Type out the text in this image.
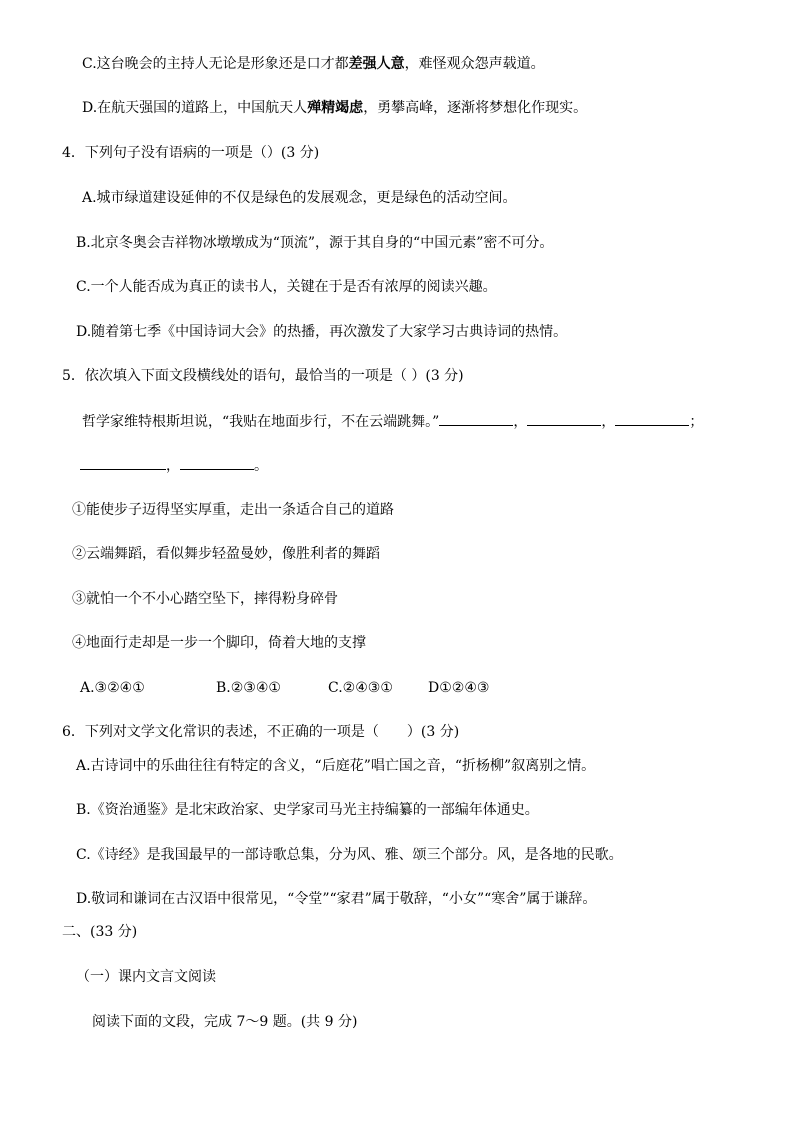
C.这台晚会的主持人无论是形象还是口才都差强人意，难怪观众怨声载道。
D.在航天强国的道路上，中国航天人殚精竭虑，勇攀高峰，逐渐将梦想化作现实。
4．下列句子没有语病的一项是（）(3 分)
A.城市绿道建设延伸的不仅是绿色的发展观念，更是绿色的活动空间。
B.北京冬奥会吉祥物冰墩墩成为“顶流”，源于其自身的“中国元素”密不可分。
C.一个人能否成为真正的读书人，关键在于是否有浓厚的阅读兴趣。
D.随着第七季《中国诗词大会》的热播，再次激发了大家学习古典诗词的热情。
5．依次填入下面文段横线处的语句，最恰当的一项是（ ）(3 分)
哲学家维特根斯坦说，“我贴在地面步行，不在云端跳舞。”	，	，	；
，	。
①能使步子迈得坚实厚重，走出一条适合自己的道路
②云端舞蹈，看似舞步轻盈曼妙，像胜利者的舞蹈
③就怕一个不小心踏空坠下，摔得粉身碎骨
④地面行走却是一步一个脚印，倚着大地的支撑
A.③②④①	B.②③④①	C.②④③①	D①②④③
6．下列对文学文化常识的表述，不正确的一项是（　　）(3 分)
A.古诗词中的乐曲往往有特定的含义，“后庭花”唱亡国之音，“折杨柳”叙离别之情。
B.《资治通鉴》是北宋政治家、史学家司马光主持编纂的一部编年体通史。
C.《诗经》是我国最早的一部诗歌总集，分为风、雅、颂三个部分。风，是各地的民歌。
D.敬词和谦词在古汉语中很常见，“令堂”“家君”属于敬辞，“小女”“寒舍”属于谦辞。
二、(33 分)
（一）课内文言文阅读
阅读下面的文段，完成 7～9 题。(共 9 分)
